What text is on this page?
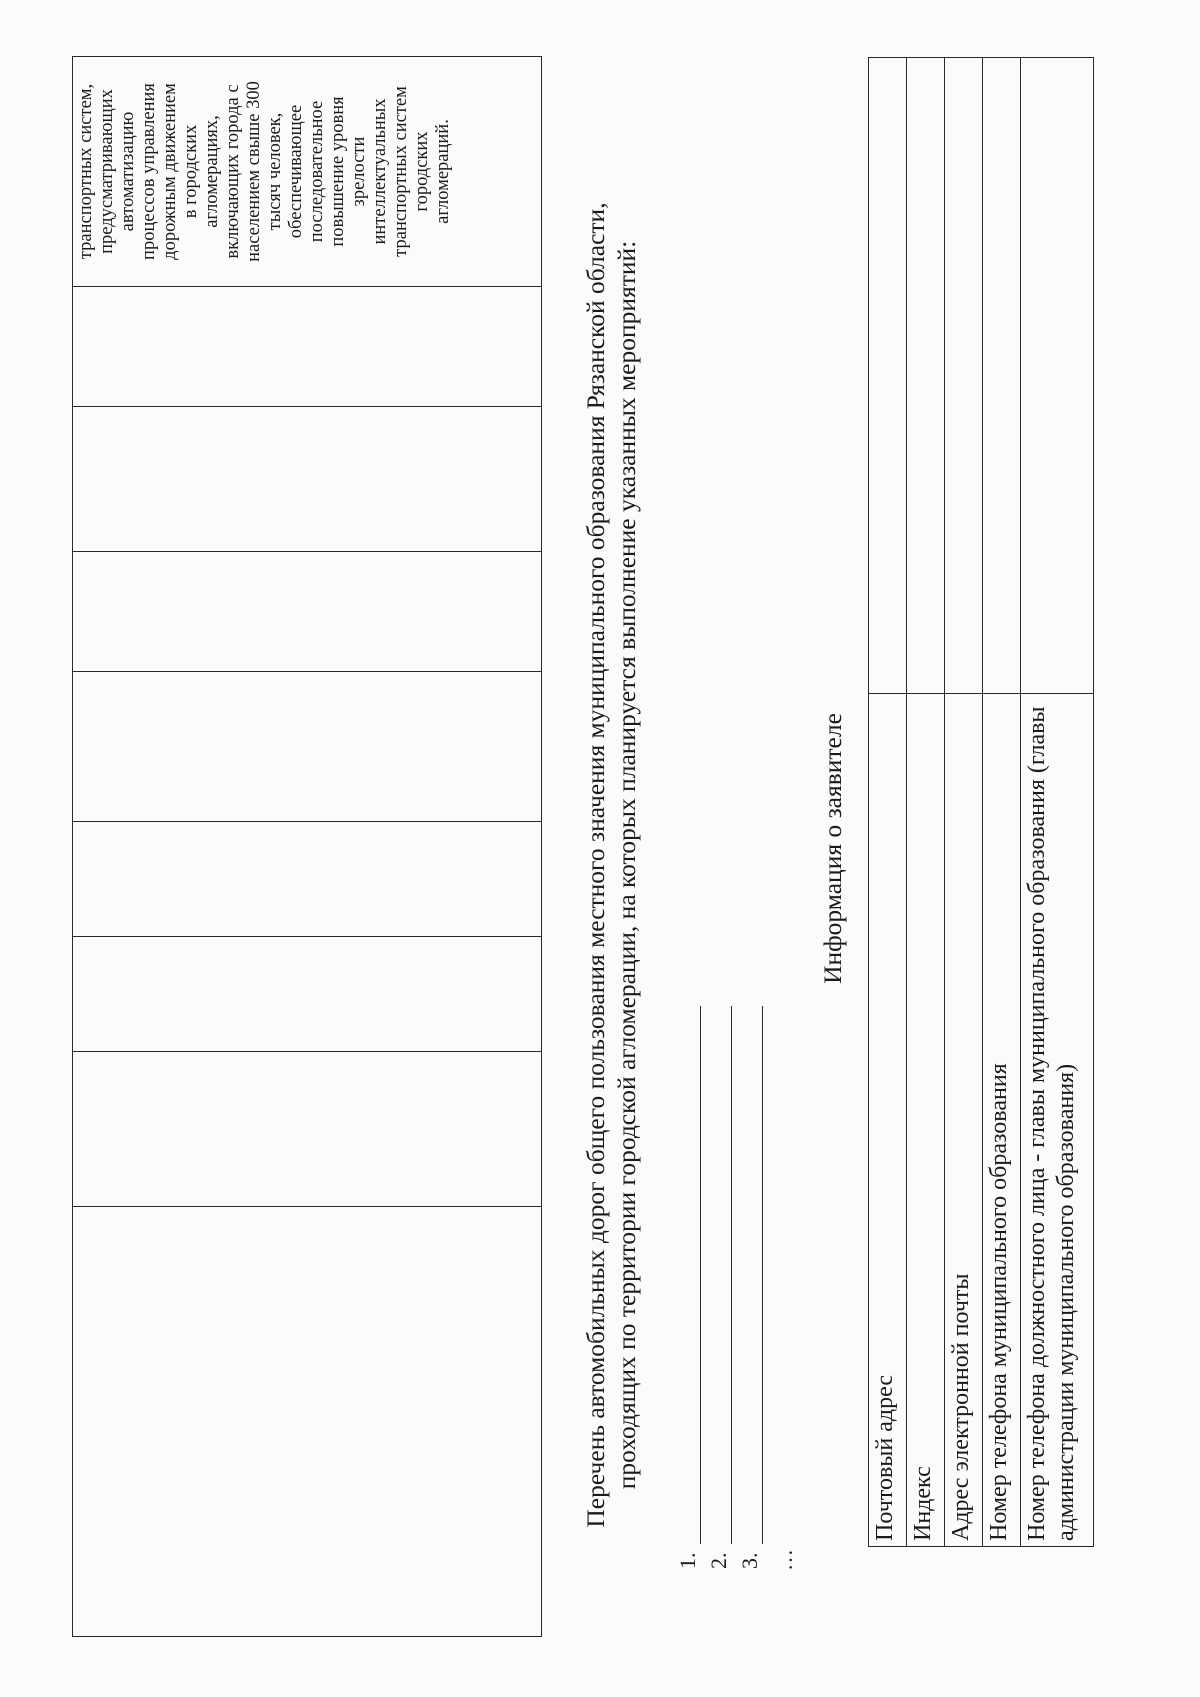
								транспортных систем,
предусматривающих
автоматизацию
процессов управления
дорожным движением
в городских
агломерациях,
включающих города с
населением свыше 300
тысяч человек,
обеспечивающее
последовательное
повышение уровня
зрелости
интеллектуальных
транспортных систем
городских
агломераций.
Перечень автомобильных дорог общего пользования местного значения муниципального образования Рязанской области,
проходящих по территории городской агломерации, на которых планируется выполнение указанных мероприятий:
1. 2. 3. …
Информация о заявителе
Почтовый адрес	
Индекс	
Адрес электронной почты	
Номер телефона муниципального образования	
Номер телефона должностного лица - главы муниципального образования (главы администрации муниципального образования)	
